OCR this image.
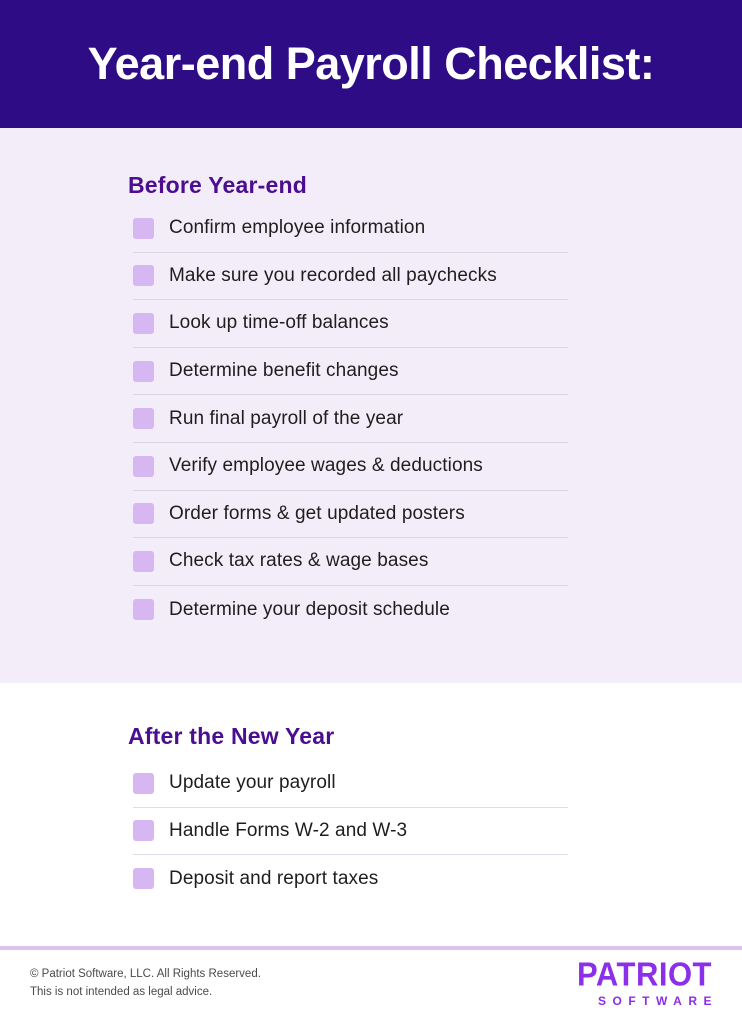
Year-end Payroll Checklist:
Before Year-end
Confirm employee information
Make sure you recorded all paychecks
Look up time-off balances
Determine benefit changes
Run final payroll of the year
Verify employee wages & deductions
Order forms & get updated posters
Check tax rates & wage bases
Determine your deposit schedule
After the New Year
Update your payroll
Handle Forms W-2 and W-3
Deposit and report taxes

© Patriot Software, LLC. All Rights Reserved.

This is not intended as legal advice.	PATRIOT
SOFTWARE
